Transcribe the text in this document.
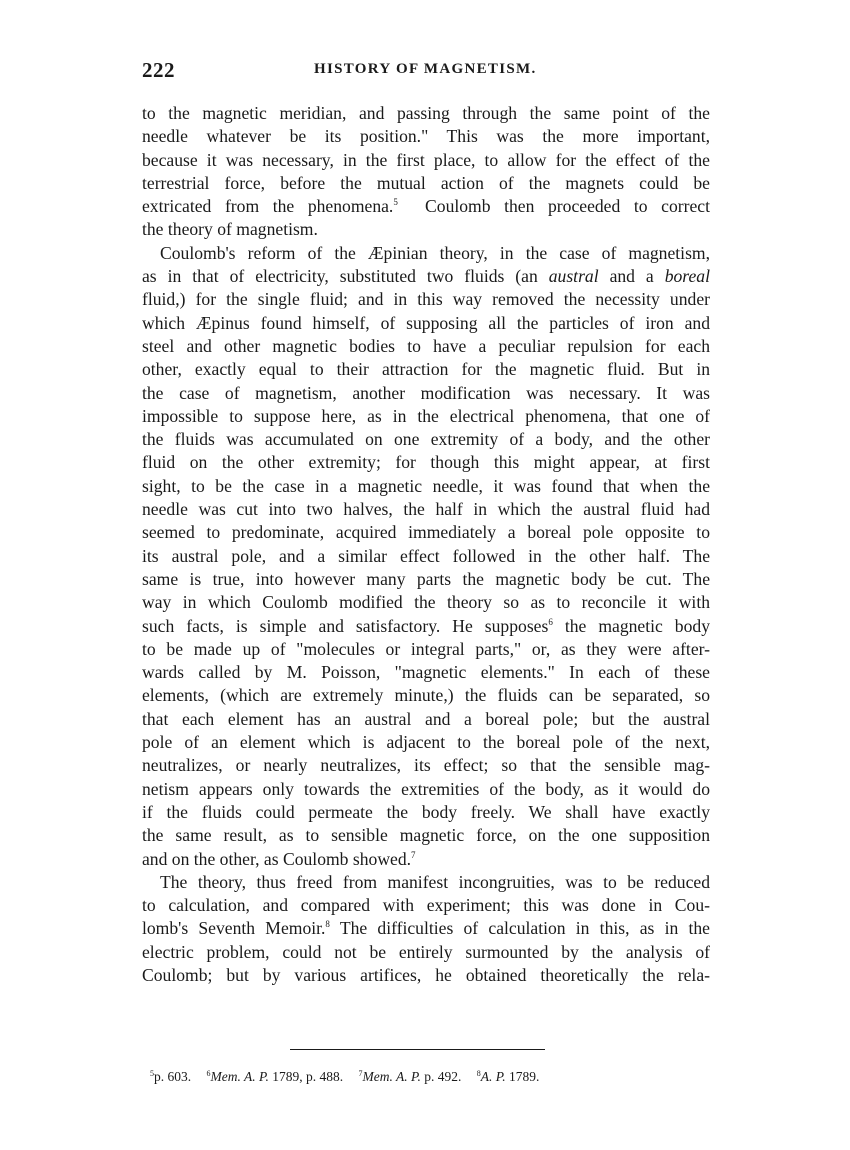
222	HISTORY OF MAGNETISM.
to the magnetic meridian, and passing through the same point of the
needle whatever be its position." This was the more important,
because it was necessary, in the first place, to allow for the effect of the
terrestrial force, before the mutual action of the magnets could be
extricated from the phenomena.$^5$ Coulomb then proceeded to correct
the theory of magnetism.
Coulomb's reform of the Æpinian theory, in the case of magnetism,
as in that of electricity, substituted two fluids (an austral and a boreal
fluid,) for the single fluid; and in this way removed the necessity under
which Æpinus found himself, of supposing all the particles of iron and
steel and other magnetic bodies to have a peculiar repulsion for each
other, exactly equal to their attraction for the magnetic fluid. But in
the case of magnetism, another modification was necessary. It was
impossible to suppose here, as in the electrical phenomena, that one of
the fluids was accumulated on one extremity of a body, and the other
fluid on the other extremity; for though this might appear, at first
sight, to be the case in a magnetic needle, it was found that when the
needle was cut into two halves, the half in which the austral fluid had
seemed to predominate, acquired immediately a boreal pole opposite to
its austral pole, and a similar effect followed in the other half. The
same is true, into however many parts the magnetic body be cut. The
way in which Coulomb modified the theory so as to reconcile it with
such facts, is simple and satisfactory. He supposes$^6$ the magnetic body
to be made up of "molecules or integral parts," or, as they were after-
wards called by M. Poisson, "magnetic elements." In each of these
elements, (which are extremely minute,) the fluids can be separated, so
that each element has an austral and a boreal pole; but the austral
pole of an element which is adjacent to the boreal pole of the next,
neutralizes, or nearly neutralizes, its effect; so that the sensible mag-
netism appears only towards the extremities of the body, as it would do
if the fluids could permeate the body freely. We shall have exactly
the same result, as to sensible magnetic force, on the one supposition
and on the other, as Coulomb showed.$^7$
The theory, thus freed from manifest incongruities, was to be reduced
to calculation, and compared with experiment; this was done in Cou-
lomb's Seventh Memoir.$^8$ The difficulties of calculation in this, as in the
electric problem, could not be entirely surmounted by the analysis of
Coulomb; but by various artifices, he obtained theoretically the rela-
$^5$p. 603. $^6$Mem. A. P. 1789, p. 488. $^7$Mem. A. P. p. 492. $^8$A. P. 1789.
